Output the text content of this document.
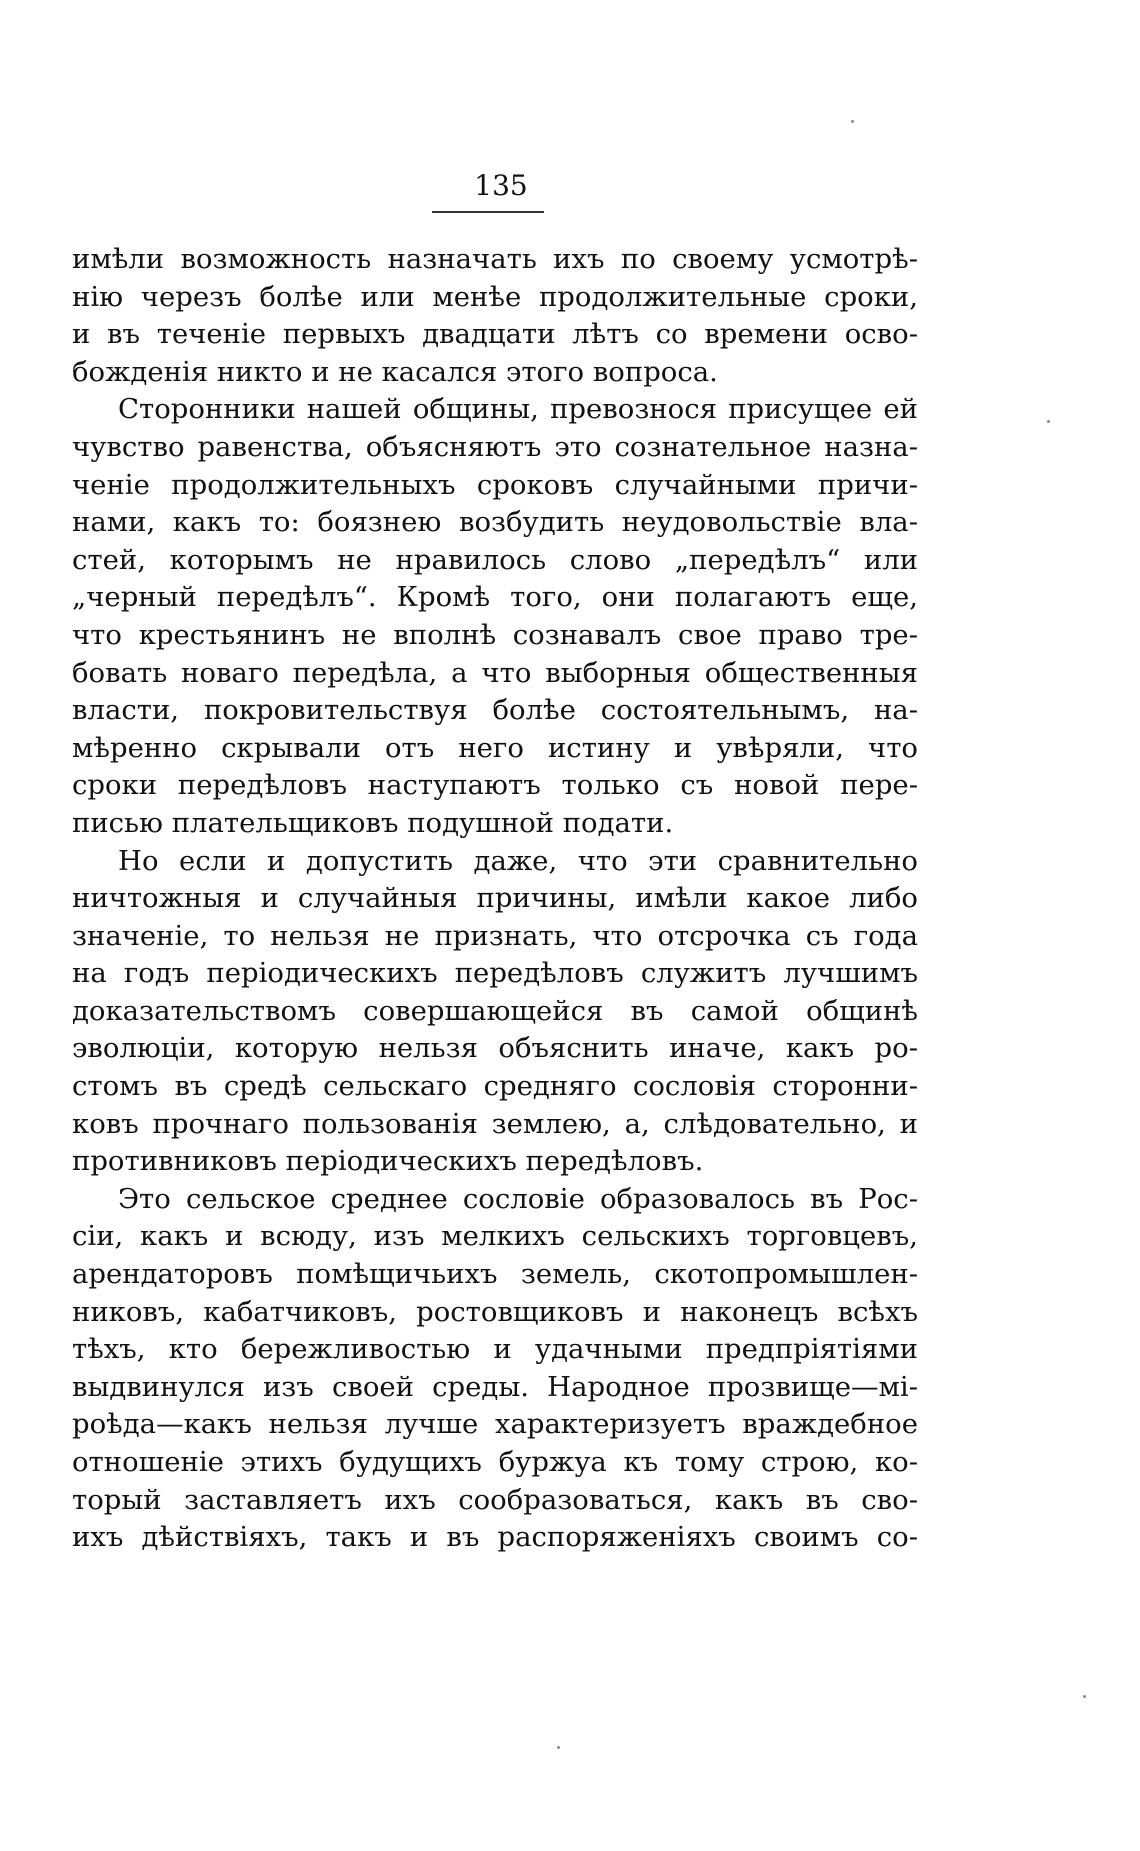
135
имѣли возможность назначать ихъ по своему усмотрѣ-
нію черезъ болѣе или менѣе продолжительные сроки,
и въ теченіе первыхъ двадцати лѣтъ со времени осво-
божденія никто и не касался этого вопроса.
Сторонники нашей общины, превознося присущее ей
чувство равенства, объясняютъ это сознательное назна-
ченіе продолжительныхъ сроковъ случайными причи-
нами, какъ то: боязнею возбудить неудовольствіе вла-
стей, которымъ не нравилось слово „передѣлъ“ или
„черный передѣлъ“. Кромѣ того, они полагаютъ еще,
что крестьянинъ не вполнѣ сознавалъ свое право тре-
бовать новаго передѣла, а что выборныя общественныя
власти, покровительствуя болѣе состоятельнымъ, на-
мѣренно скрывали отъ него истину и увѣряли, что
сроки передѣловъ наступаютъ только съ новой пере-
писью плательщиковъ подушной подати.
Но если и допустить даже, что эти сравнительно
ничтожныя и случайныя причины, имѣли какое либо
значеніе, то нельзя не признать, что отсрочка съ года
на годъ періодическихъ передѣловъ служитъ лучшимъ
доказательствомъ совершающейся въ самой общинѣ
эволюціи, которую нельзя объяснить иначе, какъ ро-
стомъ въ средѣ сельскаго средняго сословія сторонни-
ковъ прочнаго пользованія землею, а, слѣдовательно, и
противниковъ періодическихъ передѣловъ.
Это сельское среднее сословіе образовалось въ Рос-
сіи, какъ и всюду, изъ мелкихъ сельскихъ торговцевъ,
арендаторовъ помѣщичьихъ земель, скотопромышлен-
никовъ, кабатчиковъ, ростовщиковъ и наконецъ всѣхъ
тѣхъ, кто бережливостью и удачными предпріятіями
выдвинулся изъ своей среды. Народное прозвище—мі-
роѣда—какъ нельзя лучше характеризуетъ враждебное
отношеніе этихъ будущихъ буржуа къ тому строю, ко-
торый заставляетъ ихъ сообразоваться, какъ въ сво-
ихъ дѣйствіяхъ, такъ и въ распоряженіяхъ своимъ со-
